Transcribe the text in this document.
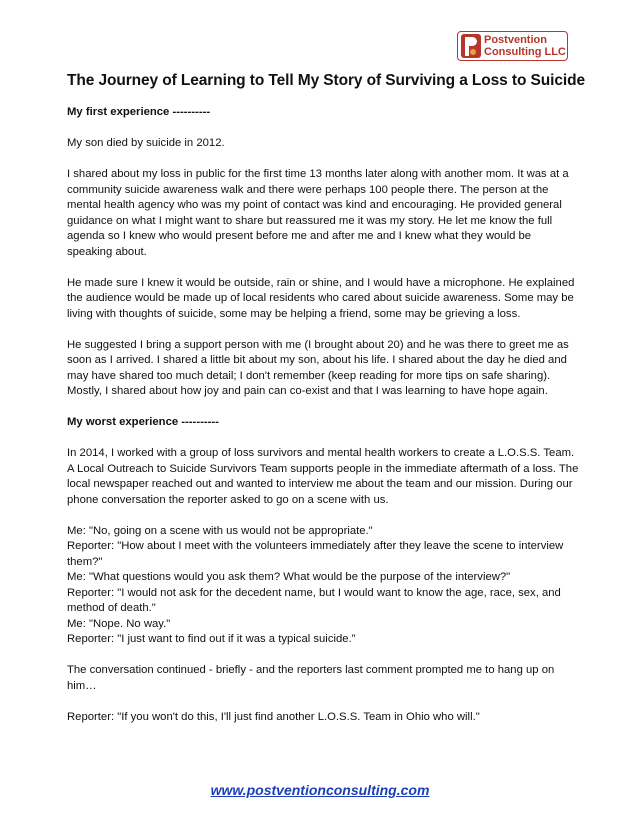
Postvention
Consulting LLC
The Journey of Learning to Tell My Story of Surviving a Loss to Suicide

My first experience ----------

My son died by suicide in 2012.

I shared about my loss in public for the first time 13 months later along with another mom. It was at a community suicide awareness walk and there were perhaps 100 people there. The person at the mental health agency who was my point of contact was kind and encouraging. He provided general guidance on what I might want to share but reassured me it was my story. He let me know the full agenda so I knew who would present before me and after me and I knew what they would be speaking about.

He made sure I knew it would be outside, rain or shine, and I would have a microphone. He explained the audience would be made up of local residents who cared about suicide awareness. Some may be living with thoughts of suicide, some may be helping a friend, some may be grieving a loss.

He suggested I bring a support person with me (I brought about 20) and he was there to greet me as soon as I arrived. I shared a little bit about my son, about his life. I shared about the day he died and may have shared too much detail; I don't remember (keep reading for more tips on safe sharing). Mostly, I shared about how joy and pain can co-exist and that I was learning to have hope again.

My worst experience ----------

In 2014, I worked with a group of loss survivors and mental health workers to create a L.O.S.S. Team. A Local Outreach to Suicide Survivors Team supports people in the immediate aftermath of a loss. The local newspaper reached out and wanted to interview me about the team and our mission. During our phone conversation the reporter asked to go on a scene with us.

Me: "No, going on a scene with us would not be appropriate."

Reporter: "How about I meet with the volunteers immediately after they leave the scene to interview them?"

Me: "What questions would you ask them? What would be the purpose of the interview?"

Reporter: "I would not ask for the decedent name, but I would want to know the age, race, sex, and method of death."

Me: "Nope. No way."

Reporter: "I just want to find out if it was a typical suicide.”

The conversation continued - briefly - and the reporters last comment prompted me to hang up on him…

Reporter: "If you won't do this, I'll just find another L.O.S.S. Team in Ohio who will."

www.postventionconsulting.com
